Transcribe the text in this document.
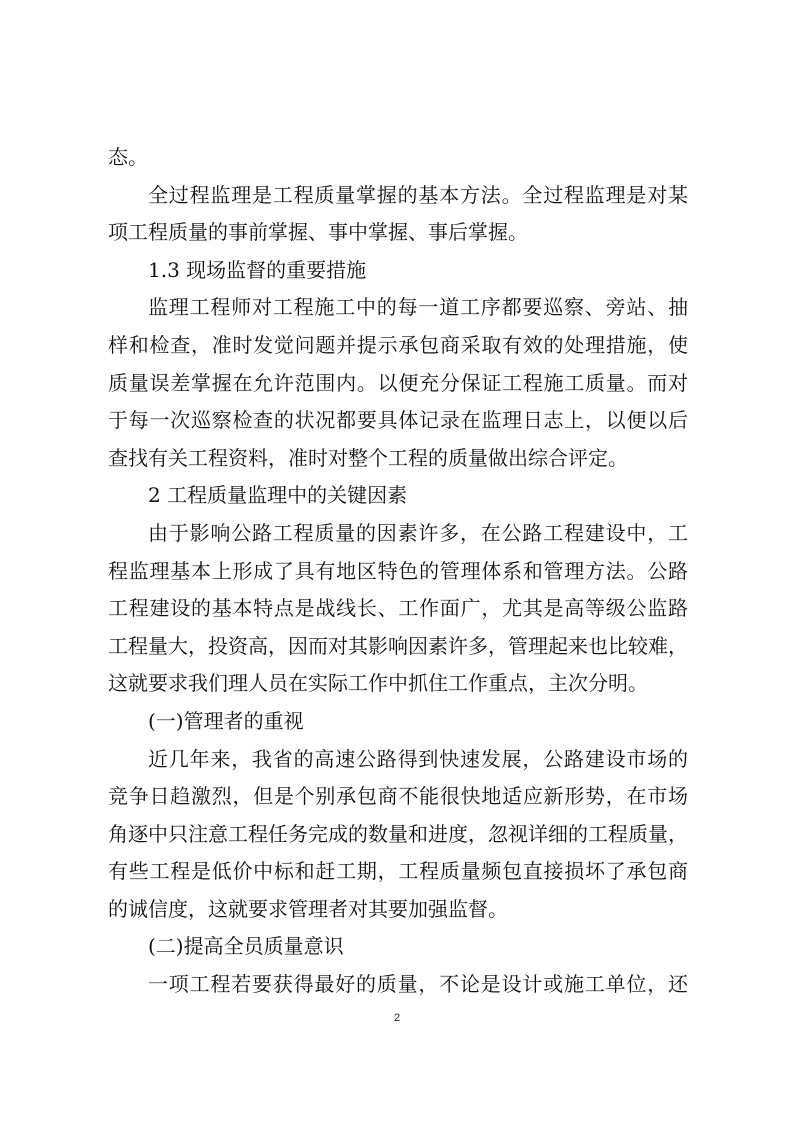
态。
全过程监理是工程质量掌握的基本方法。全过程监理是对某
项工程质量的事前掌握、事中掌握、事后掌握。
1.3 现场监督的重要措施
监理工程师对工程施工中的每一道工序都要巡察、旁站、抽
样和检查，准时发觉问题并提示承包商采取有效的处理措施，使
质量误差掌握在允许范围内。以便充分保证工程施工质量。而对
于每一次巡察检查的状况都要具体记录在监理日志上，以便以后
查找有关工程资料，准时对整个工程的质量做出综合评定。
2 工程质量监理中的关键因素
由于影响公路工程质量的因素许多，在公路工程建设中，工
程监理基本上形成了具有地区特色的管理体系和管理方法。公路
工程建设的基本特点是战线长、工作面广，尤其是高等级公监路
工程量大，投资高，因而对其影响因素许多，管理起来也比较难，
这就要求我们理人员在实际工作中抓住工作重点，主次分明。
(一)管理者的重视
近几年来，我省的高速公路得到快速发展，公路建设市场的
竞争日趋激烈，但是个别承包商不能很快地适应新形势，在市场
角逐中只注意工程任务完成的数量和进度，忽视详细的工程质量，
有些工程是低价中标和赶工期，工程质量频包直接损坏了承包商
的诚信度，这就要求管理者对其要加强监督。
(二)提高全员质量意识
一项工程若要获得最好的质量，不论是设计或施工单位，还
2
